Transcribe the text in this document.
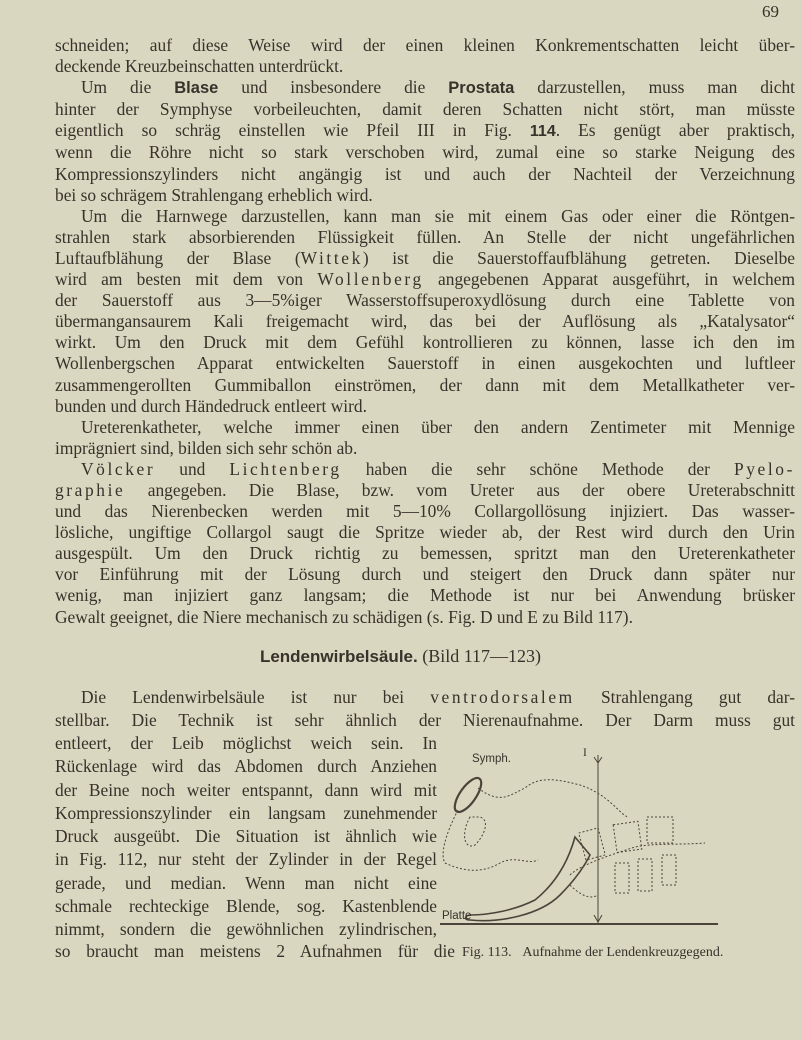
69
schneiden; auf diese Weise wird der einen kleinen Konkrementschatten leicht über-
deckende Kreuzbeinschatten unterdrückt.
Um die Blase und insbesondere die Prostata darzustellen, muss man dicht
hinter der Symphyse vorbeileuchten, damit deren Schatten nicht stört, man müsste
eigentlich so schräg einstellen wie Pfeil III in Fig. 114. Es genügt aber praktisch,
wenn die Röhre nicht so stark verschoben wird, zumal eine so starke Neigung des
Kompressionszylinders nicht angängig ist und auch der Nachteil der Verzeichnung
bei so schrägem Strahlengang erheblich wird.
Um die Harnwege darzustellen, kann man sie mit einem Gas oder einer die Röntgen-
strahlen stark absorbierenden Flüssigkeit füllen. An Stelle der nicht ungefährlichen
Luftaufblähung der Blase (Wittek) ist die Sauerstoffaufblähung getreten. Dieselbe
wird am besten mit dem von Wollenberg angegebenen Apparat ausgeführt, in welchem
der Sauerstoff aus 3—5%iger Wasserstoffsuperoxydlösung durch eine Tablette von
übermangansaurem Kali freigemacht wird, das bei der Auflösung als „Katalysator“
wirkt. Um den Druck mit dem Gefühl kontrollieren zu können, lasse ich den im
Wollenbergschen Apparat entwickelten Sauerstoff in einen ausgekochten und luftleer
zusammengerollten Gummiballon einströmen, der dann mit dem Metallkatheter ver-
bunden und durch Händedruck entleert wird.
Ureterenkatheter, welche immer einen über den andern Zentimeter mit Mennige
imprägniert sind, bilden sich sehr schön ab.
Völcker und Lichtenberg haben die sehr schöne Methode der Pyelo-
graphie angegeben. Die Blase, bzw. vom Ureter aus der obere Ureterabschnitt
und das Nierenbecken werden mit 5—10% Collargollösung injiziert. Das wasser-
lösliche, ungiftige Collargol saugt die Spritze wieder ab, der Rest wird durch den Urin
ausgespült. Um den Druck richtig zu bemessen, spritzt man den Ureterenkatheter
vor Einführung mit der Lösung durch und steigert den Druck dann später nur
wenig, man injiziert ganz langsam; die Methode ist nur bei Anwendung brüsker
Gewalt geeignet, die Niere mechanisch zu schädigen (s. Fig. D und E zu Bild 117).
Lendenwirbelsäule. (Bild 117—123)
Die Lendenwirbelsäule ist nur bei ventrodorsalem Strahlengang gut dar-
stellbar. Die Technik ist sehr ähnlich der Nierenaufnahme. Der Darm muss gut
entleert, der Leib möglichst weich sein. In
Rückenlage wird das Abdomen durch Anziehen
der Beine noch weiter entspannt, dann wird mit
Kompressionszylinder ein langsam zunehmender
Druck ausgeübt. Die Situation ist ähnlich wie
in Fig. 112, nur steht der Zylinder in der Regel
gerade, und median. Wenn man nicht eine
schmale rechteckige Blende, sog. Kastenblende
nimmt, sondern die gewöhnlichen zylindrischen,
so braucht man meistens 2 Aufnahmen für die
Symph.
Platte
I
Fig. 113. Aufnahme der Lendenkreuzgegend.
